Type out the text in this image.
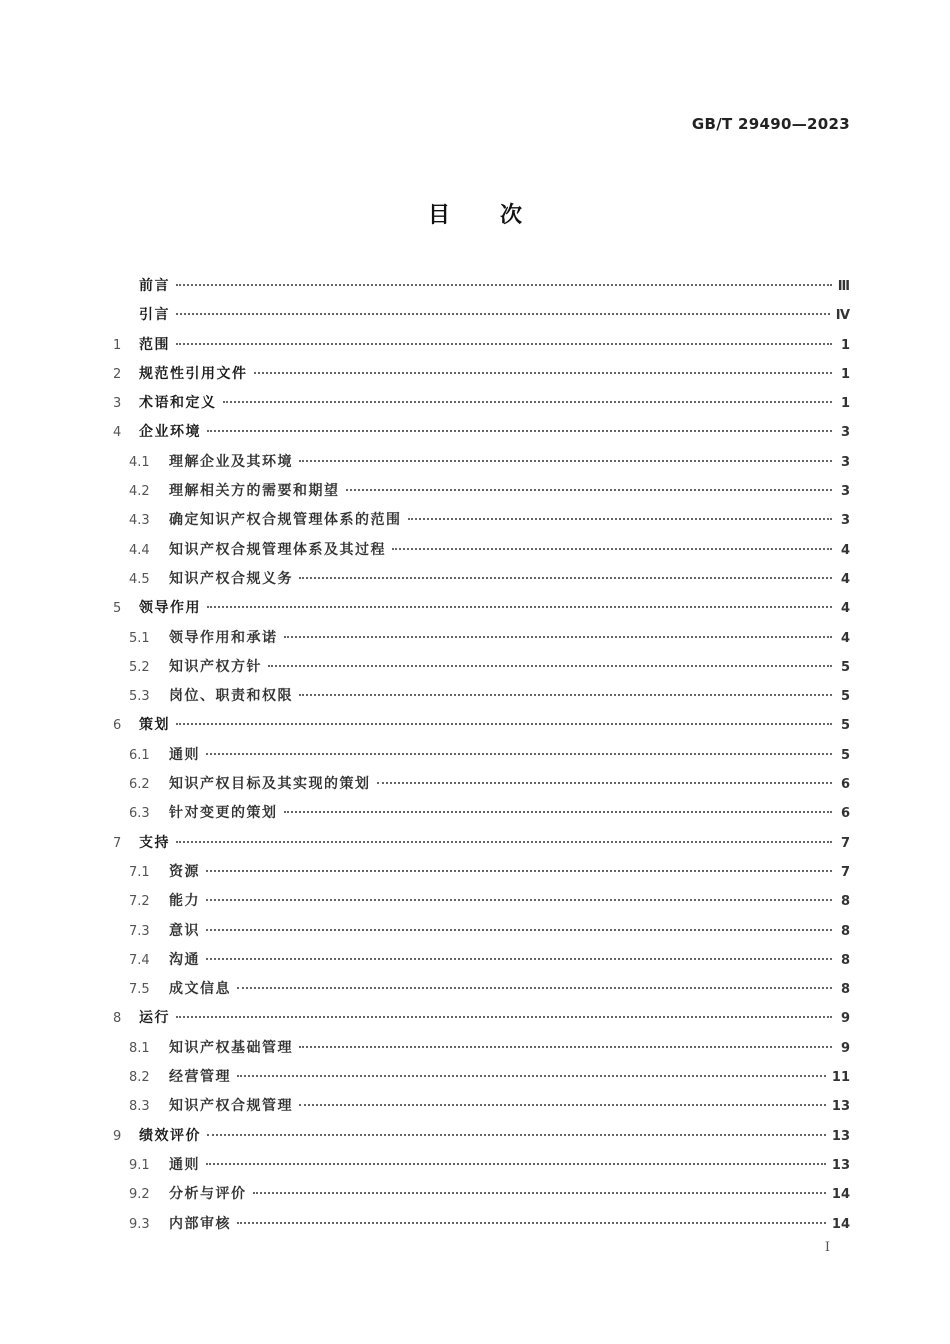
GB/T 29490—2023
目次
前言	Ⅲ
引言	Ⅳ
1	范围	1
2	规范性引用文件	1
3	术语和定义	1
4	企业环境	3
4.1	理解企业及其环境	3
4.2	理解相关方的需要和期望	3
4.3	确定知识产权合规管理体系的范围	3
4.4	知识产权合规管理体系及其过程	4
4.5	知识产权合规义务	4
5	领导作用	4
5.1	领导作用和承诺	4
5.2	知识产权方针	5
5.3	岗位、职责和权限	5
6	策划	5
6.1	通则	5
6.2	知识产权目标及其实现的策划	6
6.3	针对变更的策划	6
7	支持	7
7.1	资源	7
7.2	能力	8
7.3	意识	8
7.4	沟通	8
7.5	成文信息	8
8	运行	9
8.1	知识产权基础管理	9
8.2	经营管理	11
8.3	知识产权合规管理	13
9	绩效评价	13
9.1	通则	13
9.2	分析与评价	14
9.3	内部审核	14
Ⅰ
